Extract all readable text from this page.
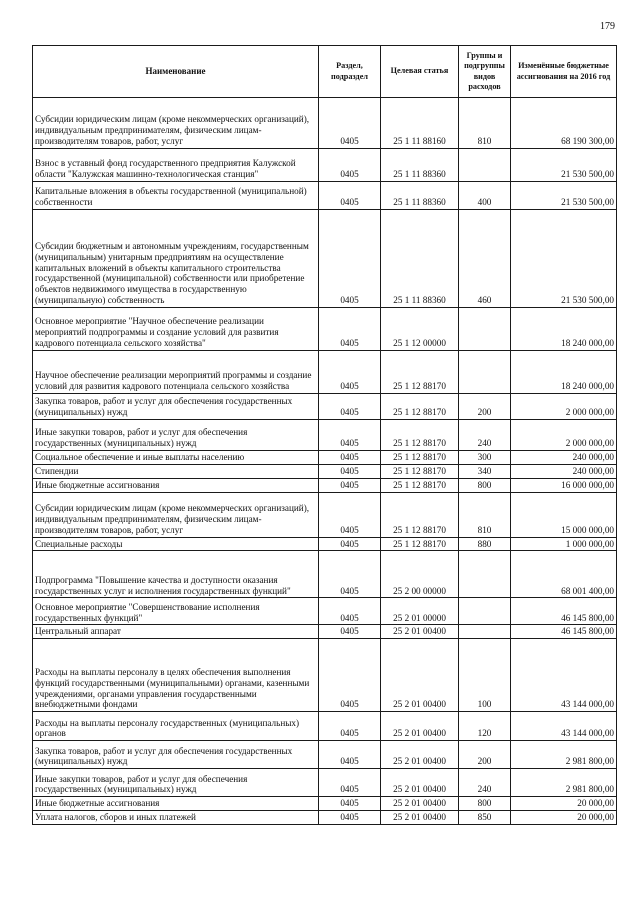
179
Наименование	Раздел, подраздел	Целевая статья	Группы и подгруппы видов расходов	Изменённые бюджетные ассигнования на 2016 год
Субсидии юридическим лицам (кроме некоммерческих организаций), индивидуальным предпринимателям, физическим лицам-производителям товаров, работ, услуг	0405	25 1 11 88160	810	68 190 300,00
Взнос в уставный фонд государственного предприятия Калужской области "Калужская машинно-технологическая станция"	0405	25 1 11 88360		21 530 500,00
Капитальные вложения в объекты государственной (муниципальной) собственности	0405	25 1 11 88360	400	21 530 500,00
Субсидии бюджетным и автономным учреждениям, государственным (муниципальным) унитарным предприятиям на осуществление капитальных вложений в объекты капитального строительства государственной (муниципальной) собственности или приобретение объектов недвижимого имущества в государственную (муниципальную) собственность	0405	25 1 11 88360	460	21 530 500,00
Основное мероприятие "Научное обеспечение реализации мероприятий подпрограммы и создание условий для развития кадрового потенциала сельского хозяйства"	0405	25 1 12 00000		18 240 000,00
Научное обеспечение реализации мероприятий программы и создание условий для развития кадрового потенциала сельского хозяйства	0405	25 1 12 88170		18 240 000,00
Закупка товаров, работ и услуг для обеспечения государственных (муниципальных) нужд	0405	25 1 12 88170	200	2 000 000,00
Иные закупки товаров, работ и услуг для обеспечения государственных (муниципальных) нужд	0405	25 1 12 88170	240	2 000 000,00
Социальное обеспечение и иные выплаты населению	0405	25 1 12 88170	300	240 000,00
Стипендии	0405	25 1 12 88170	340	240 000,00
Иные бюджетные ассигнования	0405	25 1 12 88170	800	16 000 000,00
Субсидии юридическим лицам (кроме некоммерческих организаций), индивидуальным предпринимателям, физическим лицам-производителям товаров, работ, услуг	0405	25 1 12 88170	810	15 000 000,00
Специальные расходы	0405	25 1 12 88170	880	1 000 000,00
Подпрограмма "Повышение качества и доступности оказания государственных услуг и исполнения государственных функций"	0405	25 2 00 00000		68 001 400,00
Основное мероприятие "Совершенствование исполнения государственных функций"	0405	25 2 01 00000		46 145 800,00
Центральный аппарат	0405	25 2 01 00400		46 145 800,00
Расходы на выплаты персоналу в целях обеспечения выполнения функций государственными (муниципальными) органами, казенными учреждениями, органами управления государственными внебюджетными фондами	0405	25 2 01 00400	100	43 144 000,00
Расходы на выплаты персоналу государственных (муниципальных) органов	0405	25 2 01 00400	120	43 144 000,00
Закупка товаров, работ и услуг для обеспечения государственных (муниципальных) нужд	0405	25 2 01 00400	200	2 981 800,00
Иные закупки товаров, работ и услуг для обеспечения государственных (муниципальных) нужд	0405	25 2 01 00400	240	2 981 800,00
Иные бюджетные ассигнования	0405	25 2 01 00400	800	20 000,00
Уплата налогов, сборов и иных платежей	0405	25 2 01 00400	850	20 000,00
